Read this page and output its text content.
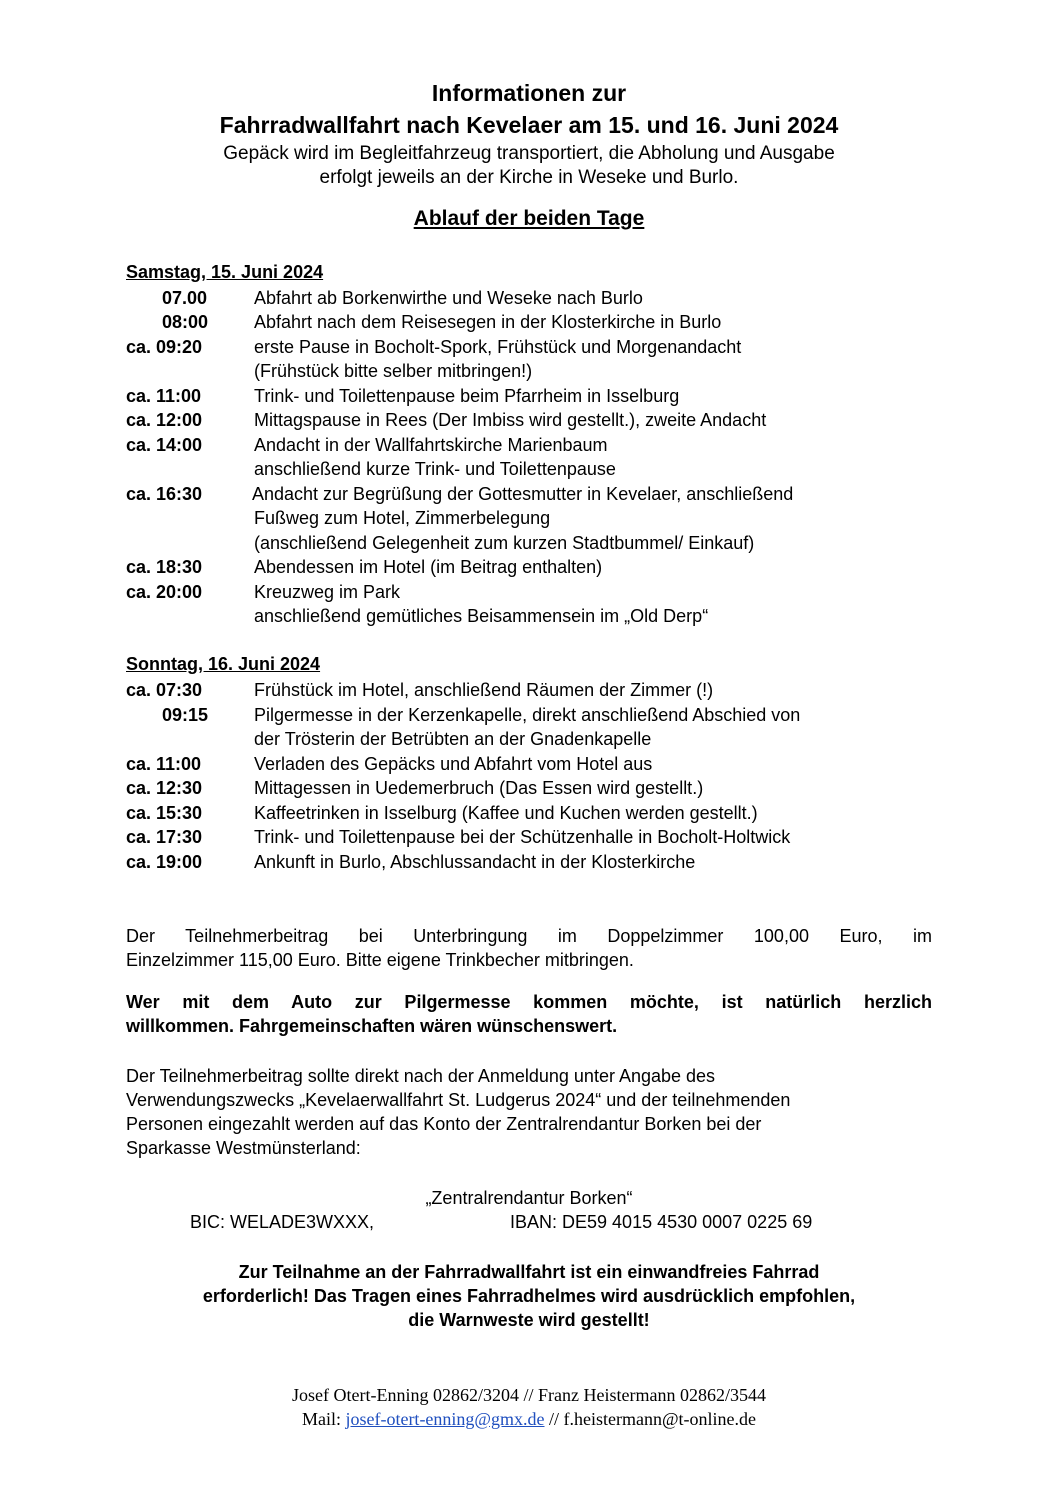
Informationen zur
Fahrradwallfahrt nach Kevelaer am 15. und 16. Juni 2024
Gepäck wird im Begleitfahrzeug transportiert, die Abholung und Ausgabe
erfolgt jeweils an der Kirche in Weseke und Burlo.
Ablauf der beiden Tage
Samstag, 15. Juni 2024
07.00	Abfahrt ab Borkenwirthe und Weseke nach Burlo
08:00	Abfahrt nach dem Reisesegen in der Klosterkirche in Burlo
ca. 09:20	erste Pause in Bocholt-Spork, Frühstück und Morgenandacht
(Frühstück bitte selber mitbringen!)
ca. 11:00	Trink- und Toilettenpause beim Pfarrheim in Isselburg
ca. 12:00	Mittagspause in Rees (Der Imbiss wird gestellt.), zweite Andacht
ca. 14:00	Andacht in der Wallfahrtskirche Marienbaum
anschließend kurze Trink- und Toilettenpause
ca. 16:30	Andacht zur Begrüßung der Gottesmutter in Kevelaer, anschließend
Fußweg zum Hotel, Zimmerbelegung
(anschließend Gelegenheit zum kurzen Stadtbummel/ Einkauf)
ca. 18:30	Abendessen im Hotel (im Beitrag enthalten)
ca. 20:00	Kreuzweg im Park
anschließend gemütliches Beisammensein im „Old Derp“
Sonntag, 16. Juni 2024
ca. 07:30	Frühstück im Hotel, anschließend Räumen der Zimmer (!)
09:15	Pilgermesse in der Kerzenkapelle, direkt anschließend Abschied von
der Trösterin der Betrübten an der Gnadenkapelle
ca. 11:00	Verladen des Gepäcks und Abfahrt vom Hotel aus
ca. 12:30	Mittagessen in Uedemerbruch (Das Essen wird gestellt.)
ca. 15:30	Kaffeetrinken in Isselburg (Kaffee und Kuchen werden gestellt.)
ca. 17:30	Trink- und Toilettenpause bei der Schützenhalle in Bocholt-Holtwick
ca. 19:00	Ankunft in Burlo, Abschlussandacht in der Klosterkirche
Der Teilnehmerbeitrag bei Unterbringung im Doppelzimmer 100,00 Euro, im
Einzelzimmer 115,00 Euro. Bitte eigene Trinkbecher mitbringen.
Wer mit dem Auto zur Pilgermesse kommen möchte, ist natürlich herzlich
willkommen. Fahrgemeinschaften wären wünschenswert.
Der Teilnehmerbeitrag sollte direkt nach der Anmeldung unter Angabe des
Verwendungszwecks „Kevelaerwallfahrt St. Ludgerus 2024“ und der teilnehmenden
Personen eingezahlt werden auf das Konto der Zentralrendantur Borken bei der
Sparkasse Westmünsterland:
„Zentralrendantur Borken“
BIC: WELADE3WXXX,	IBAN: DE59 4015 4530 0007 0225 69
Zur Teilnahme an der Fahrradwallfahrt ist ein einwandfreies Fahrrad
erforderlich! Das Tragen eines Fahrradhelmes wird ausdrücklich empfohlen,
die Warnweste wird gestellt!
Josef Otert-Enning 02862/3204 // Franz Heistermann 02862/3544
Mail: josef-otert-enning@gmx.de // f.heistermann@t-online.de
